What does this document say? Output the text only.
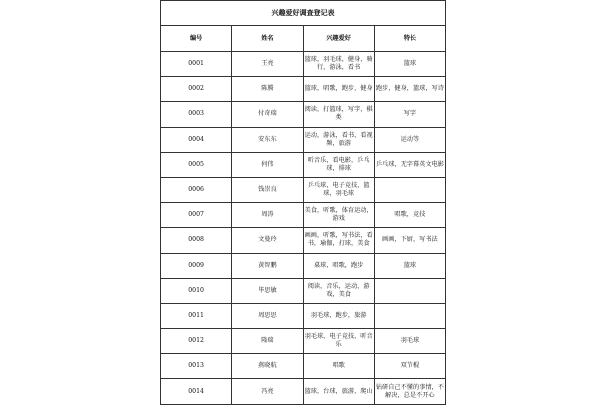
兴趣爱好调查登记表			
编号	姓名	兴趣爱好	特长
0001	王亮	篮球，羽毛球，健身，骑行，游泳，看书	篮球
0002	陈腾	篮球，唱歌，跑步，健身	跑步，健身，篮球，写诗
0003	付奇瑞	阅读，打篮球，写字，棋类	写字
0004	安东东	运动，游泳，看书，看视频，旅游	运动等
0005	何伟	听音乐，看电影，乒乓球，排球	乒乓球，无字幕英文电影
0006	钱崇良	乒乓球，电子竞技，篮球，羽毛球	
0007	周涛	美食，听歌，体育运动，游戏	唱歌，竞技
0008	文曼玲	画画，听歌，写书法，看书，瑜伽，打球，美食	画画，下厨，写书法
0009	黄智鹏	桌球，唱歌，跑步	篮球
0010	毕思敏	阅读，音乐，运动，游戏，美食	
0011	周思思	羽毛球，跑步，旅游	
0012	隆瑞	羽毛球，电子竞技，听音乐	羽毛球
0013	燕晓航	唱歌	双节棍
0014	冯亮	篮球，台球，旅游，爬山	钻研自己不懂的事情，不解决，总是不开心
